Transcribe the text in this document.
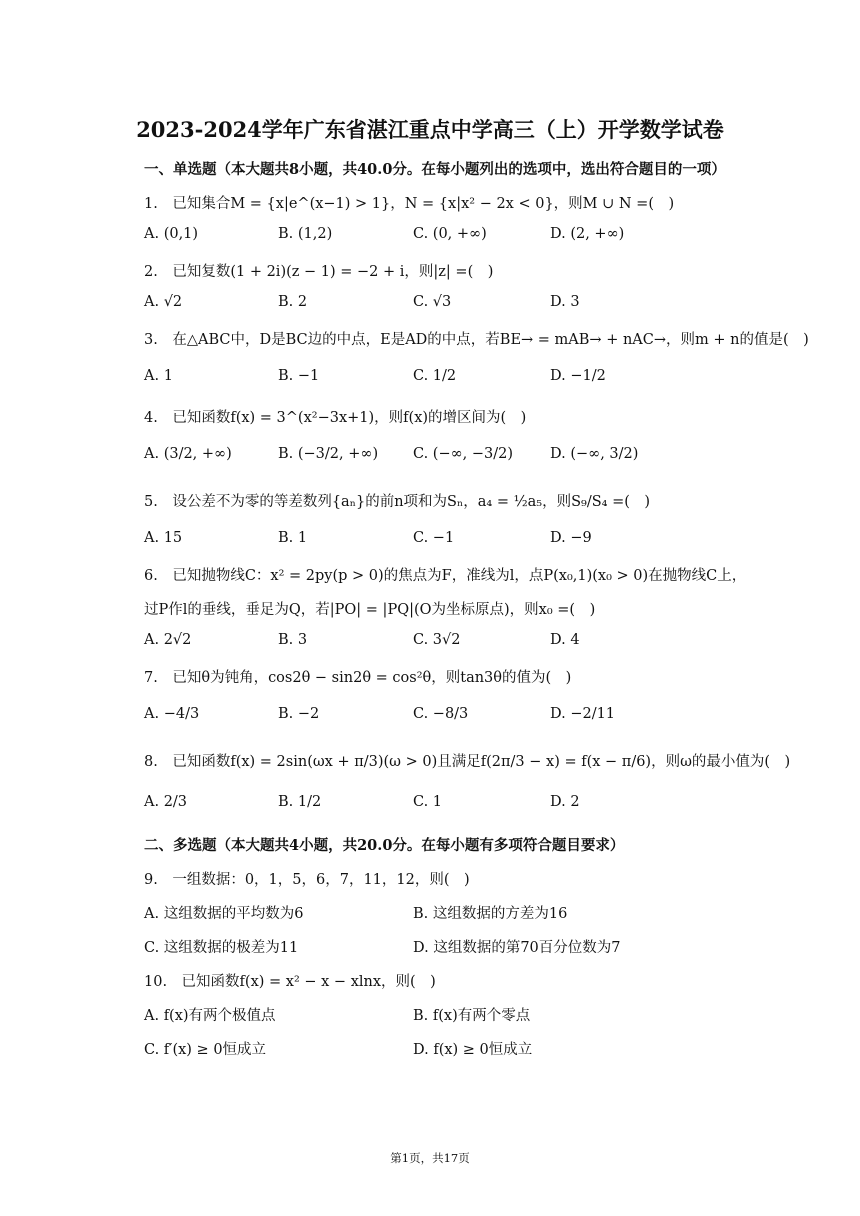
2023-2024学年广东省湛江重点中学高三（上）开学数学试卷
一、单选题（本大题共8小题，共40.0分。在每小题列出的选项中，选出符合题目的一项）
1.　已知集合M = {x|e^(x−1) > 1}，N = {x|x² − 2x < 0}，则M ∪ N =(　)
A. (0,1)	B. (1,2)	C. (0, +∞)	D. (2, +∞)
2.　已知复数(1 + 2i)(z − 1) = −2 + i，则|z| =(　)
A. √2	B. 2	C. √3	D. 3
3.　在△ABC中，D是BC边的中点，E是AD的中点，若BE→ = mAB→ + nAC→，则m + n的值是(　)
A. 1	B. −1	C. 1/2	D. −1/2
4.　已知函数f(x) = 3^(x²−3x+1)，则f(x)的增区间为(　)
A. (3/2, +∞)	B. (−3/2, +∞) C. (−∞, −3/2)	D. (−∞, 3/2)
5.　设公差不为零的等差数列{aₙ}的前n项和为Sₙ，a₄ = ½a₅，则S₉/S₄ =(　)
A. 15	B. 1	C. −1	D. −9
6.　已知抛物线C：x² = 2py(p > 0)的焦点为F，准线为l，点P(x₀,1)(x₀ > 0)在抛物线C上，
过P作l的垂线，垂足为Q，若|PO| = |PQ|(O为坐标原点)，则x₀ =(　)
A. 2√2	B. 3	C. 3√2	D. 4
7.　已知θ为钝角，cos2θ − sin2θ = cos²θ，则tan3θ的值为(　)
A. −4/3	B. −2	C. −8/3	D. −2/11
8.　已知函数f(x) = 2sin(ωx + π/3)(ω > 0)且满足f(2π/3 − x) = f(x − π/6)，则ω的最小值为(　)
A. 2/3	B. 1/2	C. 1	D. 2
二、多选题（本大题共4小题，共20.0分。在每小题有多项符合题目要求）
9.　一组数据：0，1，5，6，7，11，12，则(　)
A. 这组数据的平均数为6	B. 这组数据的方差为16
C. 这组数据的极差为11	D. 这组数据的第70百分位数为7
10.　已知函数f(x) = x² − x − xlnx，则(　)
A. f(x)有两个极值点	B. f(x)有两个零点
C. f′(x) ≥ 0恒成立	D. f(x) ≥ 0恒成立
第1页，共17页
